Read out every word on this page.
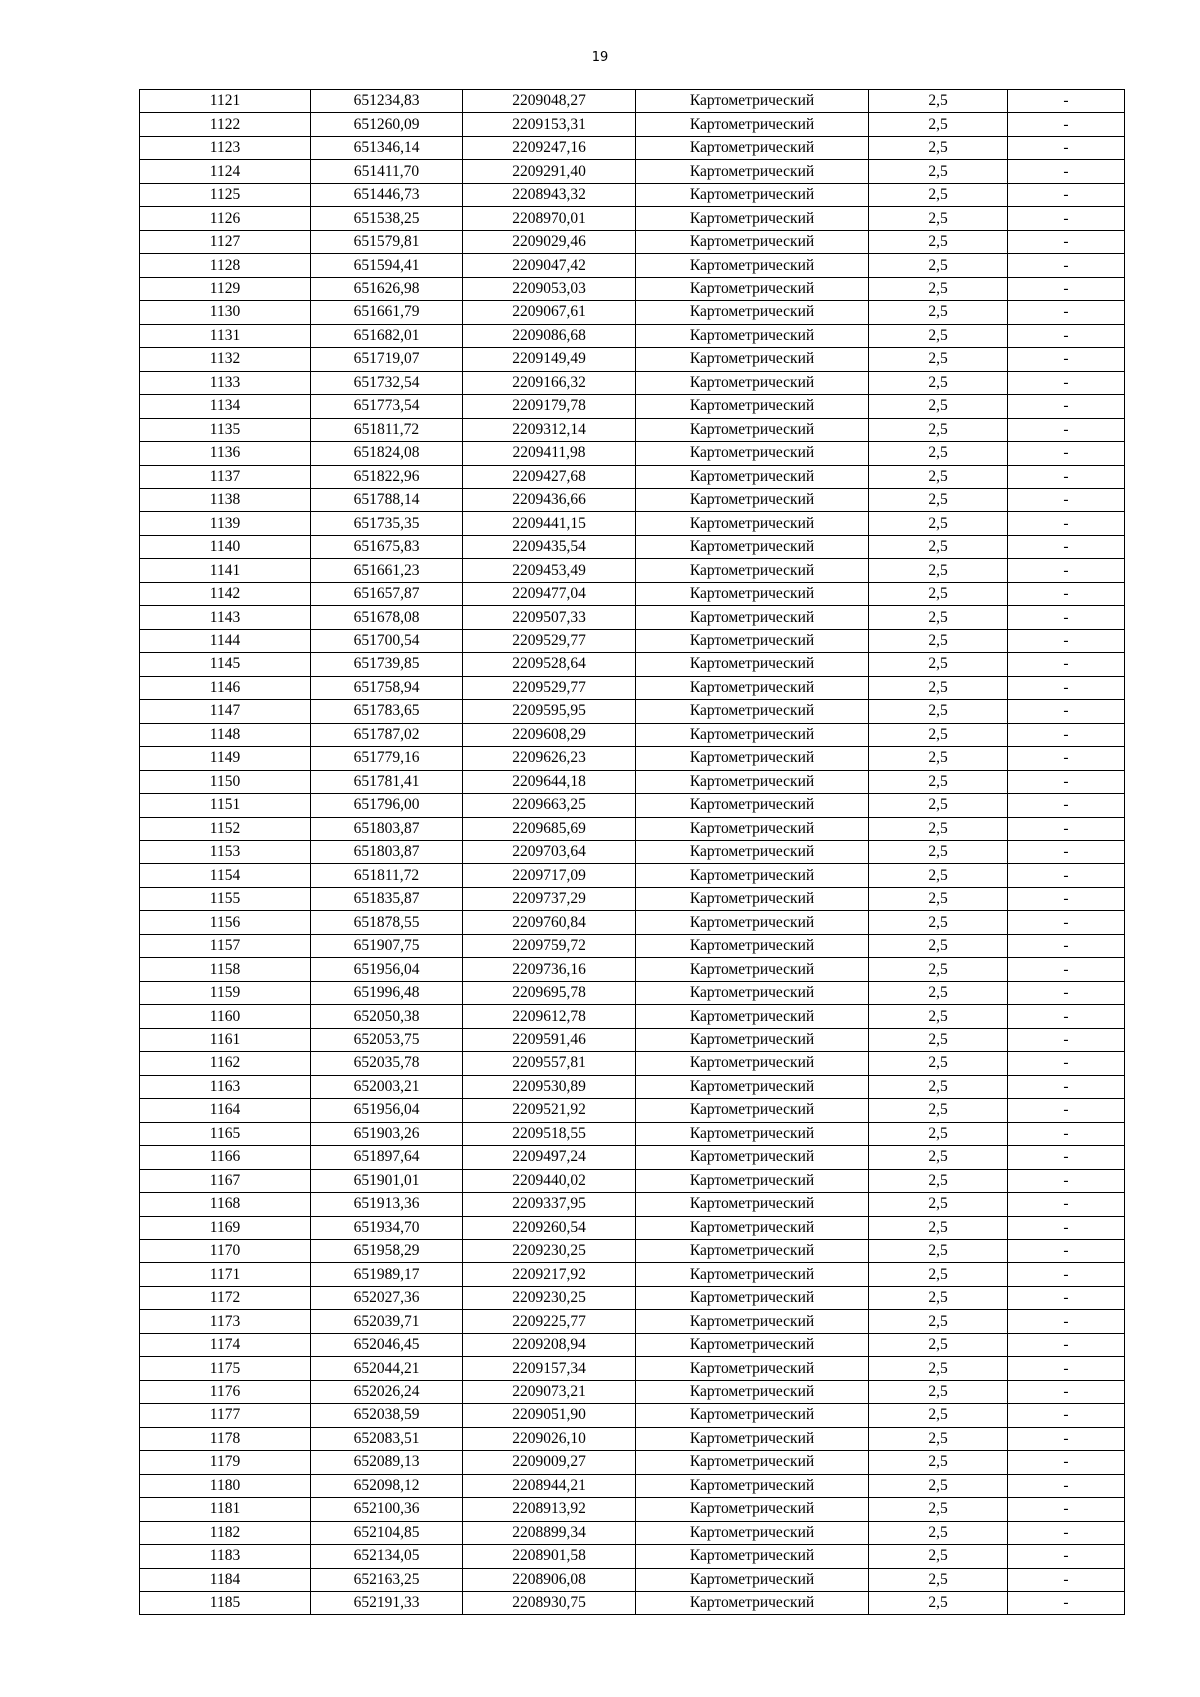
19
1121	651234,83	2209048,27	Картометрический	2,5	-
1122	651260,09	2209153,31	Картометрический	2,5	-
1123	651346,14	2209247,16	Картометрический	2,5	-
1124	651411,70	2209291,40	Картометрический	2,5	-
1125	651446,73	2208943,32	Картометрический	2,5	-
1126	651538,25	2208970,01	Картометрический	2,5	-
1127	651579,81	2209029,46	Картометрический	2,5	-
1128	651594,41	2209047,42	Картометрический	2,5	-
1129	651626,98	2209053,03	Картометрический	2,5	-
1130	651661,79	2209067,61	Картометрический	2,5	-
1131	651682,01	2209086,68	Картометрический	2,5	-
1132	651719,07	2209149,49	Картометрический	2,5	-
1133	651732,54	2209166,32	Картометрический	2,5	-
1134	651773,54	2209179,78	Картометрический	2,5	-
1135	651811,72	2209312,14	Картометрический	2,5	-
1136	651824,08	2209411,98	Картометрический	2,5	-
1137	651822,96	2209427,68	Картометрический	2,5	-
1138	651788,14	2209436,66	Картометрический	2,5	-
1139	651735,35	2209441,15	Картометрический	2,5	-
1140	651675,83	2209435,54	Картометрический	2,5	-
1141	651661,23	2209453,49	Картометрический	2,5	-
1142	651657,87	2209477,04	Картометрический	2,5	-
1143	651678,08	2209507,33	Картометрический	2,5	-
1144	651700,54	2209529,77	Картометрический	2,5	-
1145	651739,85	2209528,64	Картометрический	2,5	-
1146	651758,94	2209529,77	Картометрический	2,5	-
1147	651783,65	2209595,95	Картометрический	2,5	-
1148	651787,02	2209608,29	Картометрический	2,5	-
1149	651779,16	2209626,23	Картометрический	2,5	-
1150	651781,41	2209644,18	Картометрический	2,5	-
1151	651796,00	2209663,25	Картометрический	2,5	-
1152	651803,87	2209685,69	Картометрический	2,5	-
1153	651803,87	2209703,64	Картометрический	2,5	-
1154	651811,72	2209717,09	Картометрический	2,5	-
1155	651835,87	2209737,29	Картометрический	2,5	-
1156	651878,55	2209760,84	Картометрический	2,5	-
1157	651907,75	2209759,72	Картометрический	2,5	-
1158	651956,04	2209736,16	Картометрический	2,5	-
1159	651996,48	2209695,78	Картометрический	2,5	-
1160	652050,38	2209612,78	Картометрический	2,5	-
1161	652053,75	2209591,46	Картометрический	2,5	-
1162	652035,78	2209557,81	Картометрический	2,5	-
1163	652003,21	2209530,89	Картометрический	2,5	-
1164	651956,04	2209521,92	Картометрический	2,5	-
1165	651903,26	2209518,55	Картометрический	2,5	-
1166	651897,64	2209497,24	Картометрический	2,5	-
1167	651901,01	2209440,02	Картометрический	2,5	-
1168	651913,36	2209337,95	Картометрический	2,5	-
1169	651934,70	2209260,54	Картометрический	2,5	-
1170	651958,29	2209230,25	Картометрический	2,5	-
1171	651989,17	2209217,92	Картометрический	2,5	-
1172	652027,36	2209230,25	Картометрический	2,5	-
1173	652039,71	2209225,77	Картометрический	2,5	-
1174	652046,45	2209208,94	Картометрический	2,5	-
1175	652044,21	2209157,34	Картометрический	2,5	-
1176	652026,24	2209073,21	Картометрический	2,5	-
1177	652038,59	2209051,90	Картометрический	2,5	-
1178	652083,51	2209026,10	Картометрический	2,5	-
1179	652089,13	2209009,27	Картометрический	2,5	-
1180	652098,12	2208944,21	Картометрический	2,5	-
1181	652100,36	2208913,92	Картометрический	2,5	-
1182	652104,85	2208899,34	Картометрический	2,5	-
1183	652134,05	2208901,58	Картометрический	2,5	-
1184	652163,25	2208906,08	Картометрический	2,5	-
1185	652191,33	2208930,75	Картометрический	2,5	-
